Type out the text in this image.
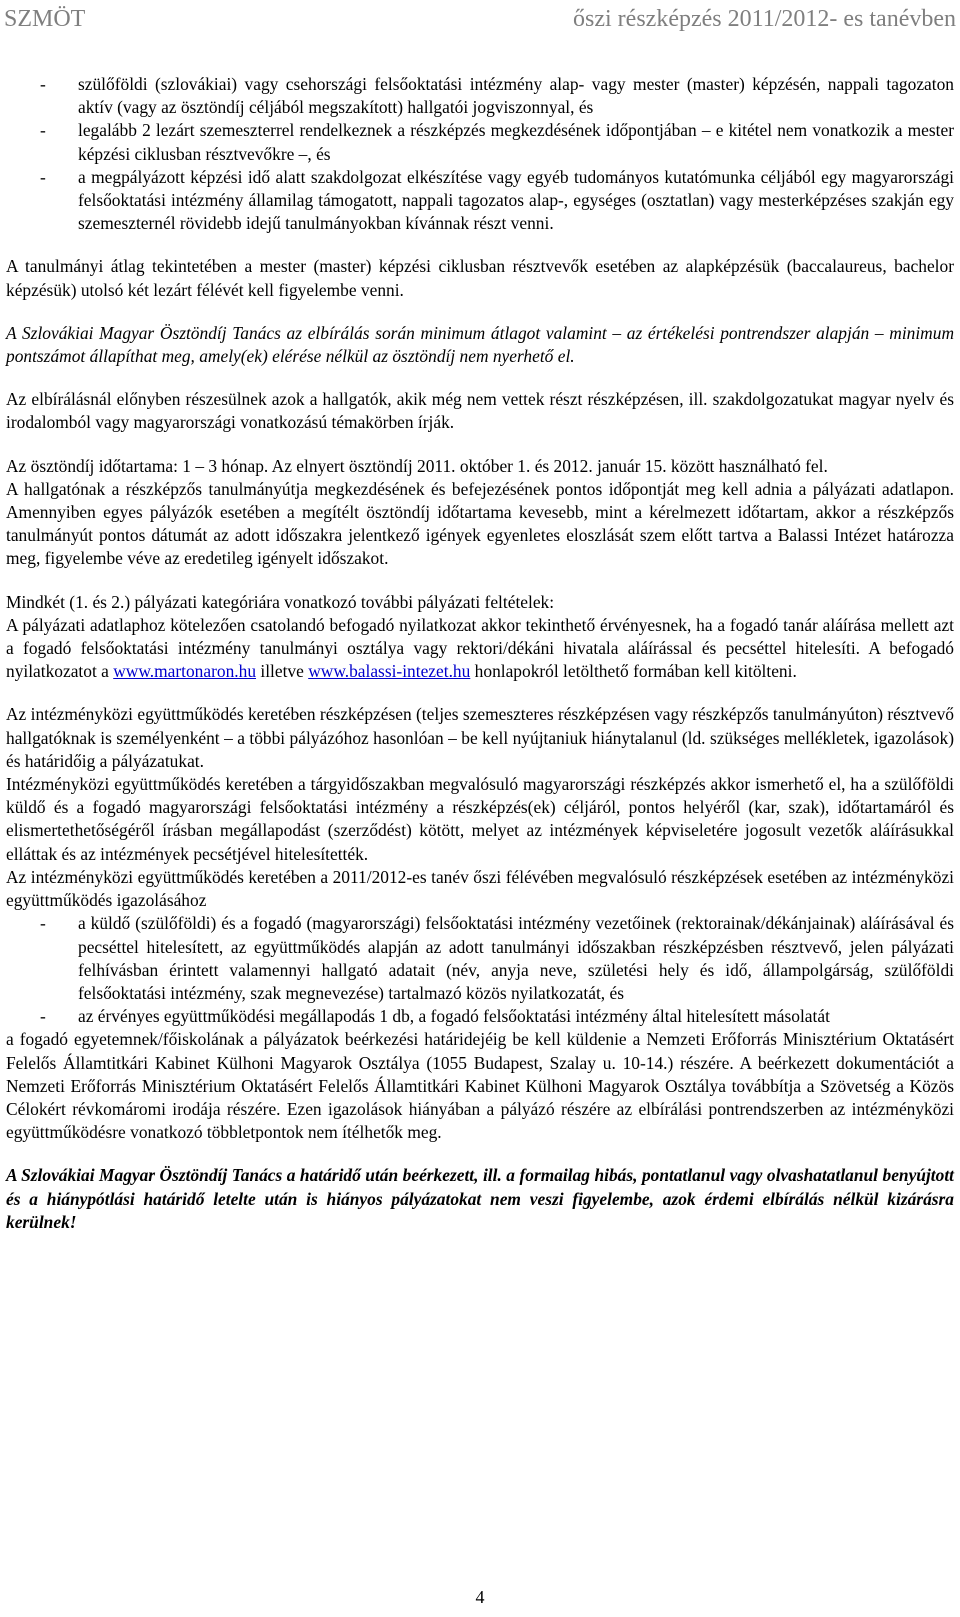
SZMÖT	őszi részképzés 2011/2012- es tanévben
- szülőföldi (szlovákiai) vagy csehországi felsőoktatási intézmény alap- vagy mester (master) képzésén, nappali tagozaton aktív (vagy az ösztöndíj céljából megszakított) hallgatói jogviszonnyal, és
- legalább 2 lezárt szemeszterrel rendelkeznek a részképzés megkezdésének időpontjában – e kitétel nem vonatkozik a mester képzési ciklusban résztvevőkre –, és
- a megpályázott képzési idő alatt szakdolgozat elkészítése vagy egyéb tudományos kutatómunka céljából egy magyarországi felsőoktatási intézmény államilag támogatott, nappali tagozatos alap-, egységes (osztatlan) vagy mesterképzéses szakján egy szemeszternél rövidebb idejű tanulmányokban kívánnak részt venni.

A tanulmányi átlag tekintetében a mester (master) képzési ciklusban résztvevők esetében az alapképzésük (baccalaureus, bachelor képzésük) utolsó két lezárt félévét kell figyelembe venni.

A Szlovákiai Magyar Ösztöndíj Tanács az elbírálás során minimum átlagot valamint – az értékelési pontrendszer alapján – minimum pontszámot állapíthat meg, amely(ek) elérése nélkül az ösztöndíj nem nyerhető el.

Az elbírálásnál előnyben részesülnek azok a hallgatók, akik még nem vettek részt részképzésen, ill. szakdolgozatukat magyar nyelv és irodalomból vagy magyarországi vonatkozású témakörben írják.

Az ösztöndíj időtartama: 1 – 3 hónap. Az elnyert ösztöndíj 2011. október 1. és 2012. január 15. között használható fel.

A hallgatónak a részképzős tanulmányútja megkezdésének és befejezésének pontos időpontját meg kell adnia a pályázati adatlapon. Amennyiben egyes pályázók esetében a megítélt ösztöndíj időtartama kevesebb, mint a kérelmezett időtartam, akkor a részképzős tanulmányút pontos dátumát az adott időszakra jelentkező igények egyenletes eloszlását szem előtt tartva a Balassi Intézet határozza meg, figyelembe véve az eredetileg igényelt időszakot.

Mindkét (1. és 2.) pályázati kategóriára vonatkozó további pályázati feltételek:

A pályázati adatlaphoz kötelezően csatolandó befogadó nyilatkozat akkor tekinthető érvényesnek, ha a fogadó tanár aláírása mellett azt a fogadó felsőoktatási intézmény tanulmányi osztálya vagy rektori/dékáni hivatala aláírással és pecséttel hitelesíti. A befogadó nyilatkozatot a www.martonaron.hu illetve www.balassi-intezet.hu honlapokról letölthető formában kell kitölteni.

Az intézményközi együttműködés keretében részképzésen (teljes szemeszteres részképzésen vagy részképzős tanulmányúton) résztvevő hallgatóknak is személyenként – a többi pályázóhoz hasonlóan – be kell nyújtaniuk hiánytalanul (ld. szükséges mellékletek, igazolások) és határidőig a pályázatukat.

Intézményközi együttműködés keretében a tárgyidőszakban megvalósuló magyarországi részképzés akkor ismerhető el, ha a szülőföldi küldő és a fogadó magyarországi felsőoktatási intézmény a részképzés(ek) céljáról, pontos helyéről (kar, szak), időtartamáról és elismertethetőségéről írásban megállapodást (szerződést) kötött, melyet az intézmények képviseletére jogosult vezetők aláírásukkal elláttak és az intézmények pecsétjével hitelesítették.

Az intézményközi együttműködés keretében a 2011/2012-es tanév őszi félévében megvalósuló részképzések esetében az intézményközi együttműködés igazolásához

- a küldő (szülőföldi) és a fogadó (magyarországi) felsőoktatási intézmény vezetőinek (rektorainak/dékánjainak) aláírásával és pecséttel hitelesített, az együttműködés alapján az adott tanulmányi időszakban részképzésben résztvevő, jelen pályázati felhívásban érintett valamennyi hallgató adatait (név, anyja neve, születési hely és idő, állampolgárság, szülőföldi felsőoktatási intézmény, szak megnevezése) tartalmazó közös nyilatkozatát, és
- az érvényes együttműködési megállapodás 1 db, a fogadó felsőoktatási intézmény által hitelesített másolatát

a fogadó egyetemnek/főiskolának a pályázatok beérkezési határidejéig be kell küldenie a Nemzeti Erőforrás Minisztérium Oktatásért Felelős Államtitkári Kabinet Külhoni Magyarok Osztálya (1055 Budapest, Szalay u. 10-14.) részére. A beérkezett dokumentációt a Nemzeti Erőforrás Minisztérium Oktatásért Felelős Államtitkári Kabinet Külhoni Magyarok Osztálya továbbítja a Szövetség a Közös Célokért révkomáromi irodája részére. Ezen igazolások hiányában a pályázó részére az elbírálási pontrendszerben az intézményközi együttműködésre vonatkozó többletpontok nem ítélhetők meg.

A Szlovákiai Magyar Ösztöndíj Tanács a határidő után beérkezett, ill. a formailag hibás, pontatlanul vagy olvashatatlanul benyújtott és a hiánypótlási határidő letelte után is hiányos pályázatokat nem veszi figyelembe, azok érdemi elbírálás nélkül kizárásra kerülnek!

4
